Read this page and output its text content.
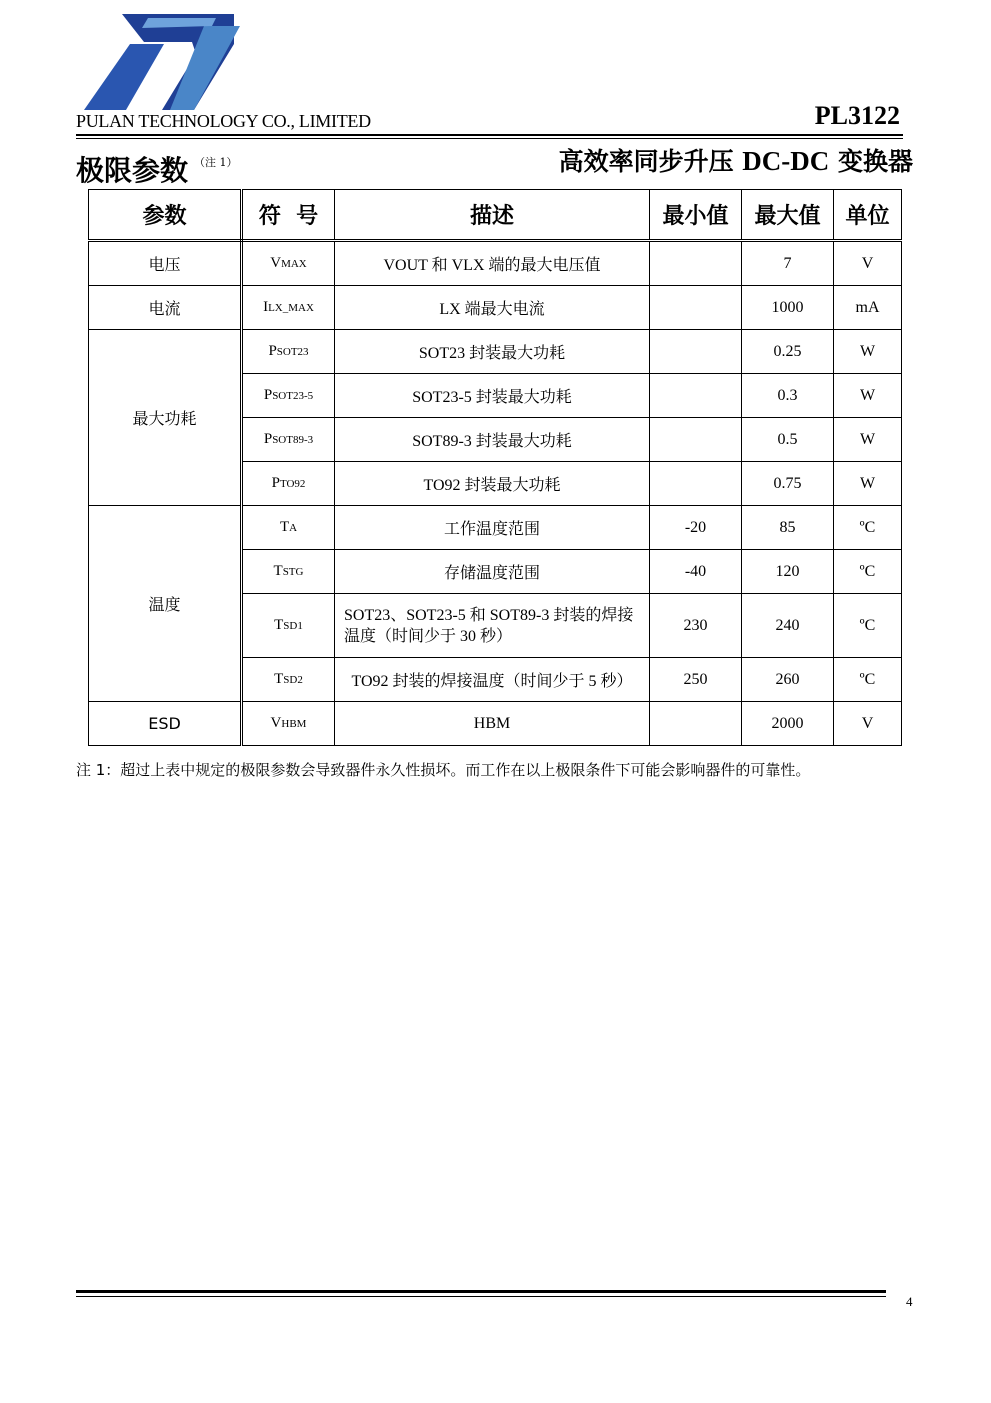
PULAN TECHNOLOGY CO., LIMITED	PL3122
极限参数 $^{(注 1)}$	高效率同步升压 DC-DC 变换器
参数	符  号	描述	最小值	最大值	单位
电压	VMAX	VOUT 和 VLX 端的最大电压值		7	V
电流	ILX_MAX	LX 端最大电流		1000	mA
最大功耗	PSOT23	SOT23 封装最大功耗		0.25	W
	PSOT23-5	SOT23-5 封装最大功耗		0.3	W
	PSOT89-3	SOT89-3 封装最大功耗		0.5	W
	PTO92	TO92 封装最大功耗		0.75	W
温度	TA	工作温度范围	-20	85	ºC
	TSTG	存储温度范围	-40	120	ºC
	TSD1	SOT23、SOT23-5 和 SOT89-3 封装的焊接温度（时间少于 30 秒）	230	240	ºC
	TSD2	TO92 封装的焊接温度（时间少于 5 秒）	250	260	ºC
ESD	VHBM	HBM		2000	V
注 1：超过上表中规定的极限参数会导致器件永久性损坏。而工作在以上极限条件下可能会影响器件的可靠性。
4
